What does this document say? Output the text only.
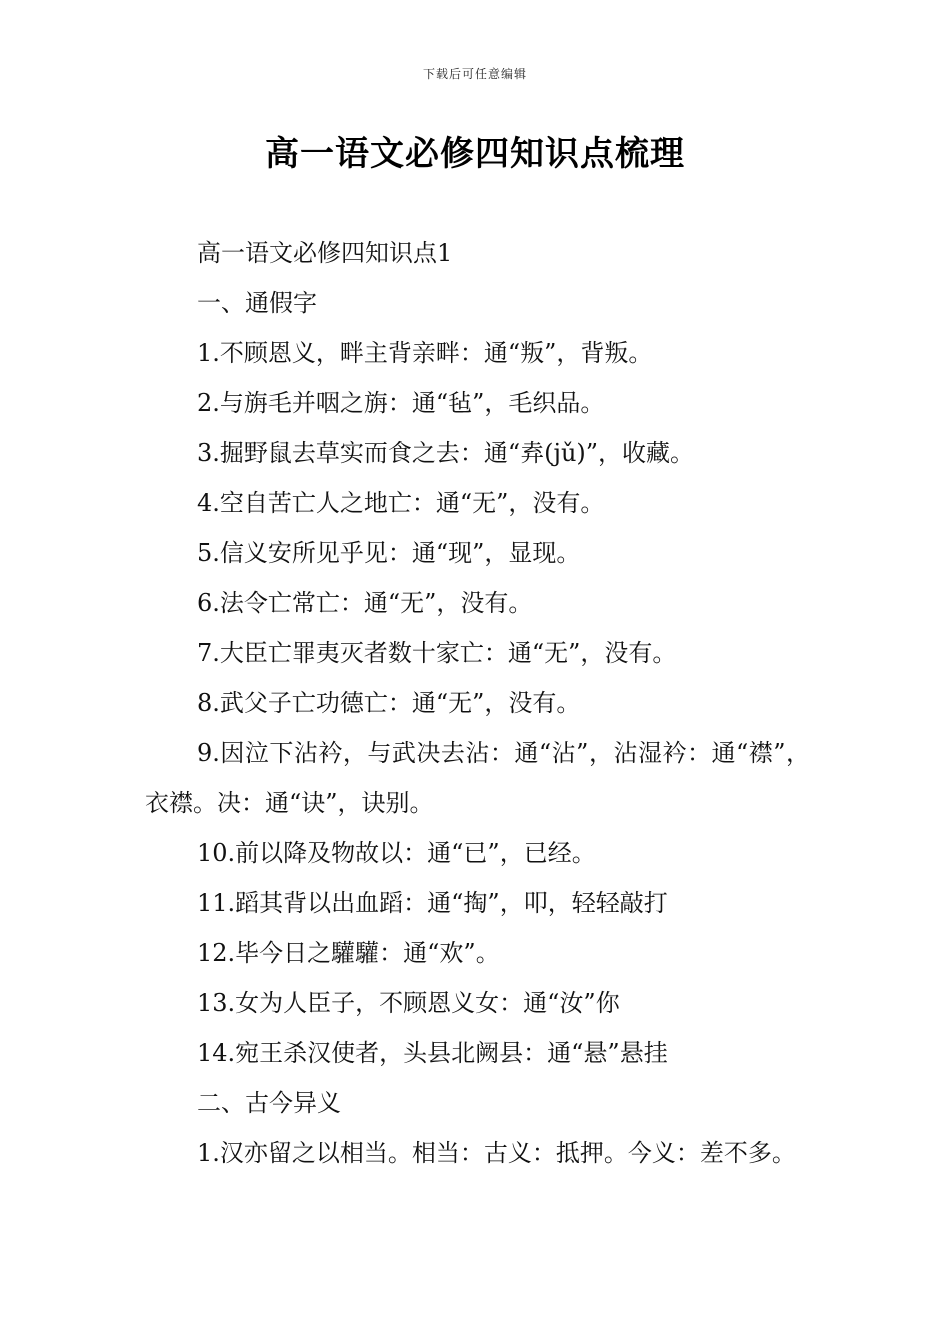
下载后可任意编辑
高一语文必修四知识点梳理

高一语文必修四知识点1

一、通假字

1.不顾恩义，畔主背亲畔：通“叛”，背叛。

2.与旃毛并咽之旃：通“毡”，毛织品。

3.掘野鼠去草实而食之去：通“弆(jǔ)”，收藏。

4.空自苦亡人之地亡：通“无”，没有。

5.信义安所见乎见：通“现”，显现。

6.法令亡常亡：通“无”，没有。

7.大臣亡罪夷灭者数十家亡：通“无”，没有。

8.武父子亡功德亡：通“无”，没有。

9.因泣下沾衿，与武决去沾：通“沾”，沾湿衿：通“襟”，衣襟。决：通“诀”，诀别。

10.前以降及物故以：通“已”，已经。

11.蹈其背以出血蹈：通“掏”，叩，轻轻敲打

12.毕今日之驩驩：通“欢”。

13.女为人臣子，不顾恩义女：通“汝”你

14.宛王杀汉使者，头县北阙县：通“悬”悬挂

二、古今异义

1.汉亦留之以相当。相当：古义：抵押。今义：差不多。
